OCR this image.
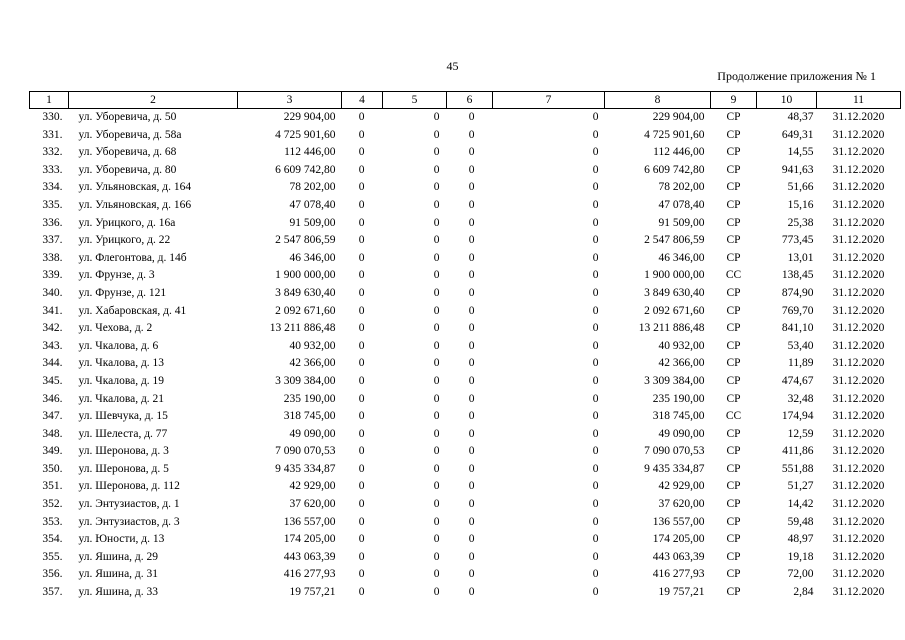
45
Продолжение приложения № 1
1	2	3	4	5	6	7	8	9	10	11
330.	ул. Уборевича, д. 50	229 904,00	0	0	0	0	229 904,00	СР	48,37	31.12.2020
331.	ул. Уборевича, д. 58а	4 725 901,60	0	0	0	0	4 725 901,60	СР	649,31	31.12.2020
332.	ул. Уборевича, д. 68	112 446,00	0	0	0	0	112 446,00	СР	14,55	31.12.2020
333.	ул. Уборевича, д. 80	6 609 742,80	0	0	0	0	6 609 742,80	СР	941,63	31.12.2020
334.	ул. Ульяновская, д. 164	78 202,00	0	0	0	0	78 202,00	СР	51,66	31.12.2020
335.	ул. Ульяновская, д. 166	47 078,40	0	0	0	0	47 078,40	СР	15,16	31.12.2020
336.	ул. Урицкого, д. 16а	91 509,00	0	0	0	0	91 509,00	СР	25,38	31.12.2020
337.	ул. Урицкого, д. 22	2 547 806,59	0	0	0	0	2 547 806,59	СР	773,45	31.12.2020
338.	ул. Флегонтова, д. 14б	46 346,00	0	0	0	0	46 346,00	СР	13,01	31.12.2020
339.	ул. Фрунзе, д. 3	1 900 000,00	0	0	0	0	1 900 000,00	СС	138,45	31.12.2020
340.	ул. Фрунзе, д. 121	3 849 630,40	0	0	0	0	3 849 630,40	СР	874,90	31.12.2020
341.	ул. Хабаровская, д. 41	2 092 671,60	0	0	0	0	2 092 671,60	СР	769,70	31.12.2020
342.	ул. Чехова, д. 2	13 211 886,48	0	0	0	0	13 211 886,48	СР	841,10	31.12.2020
343.	ул. Чкалова, д. 6	40 932,00	0	0	0	0	40 932,00	СР	53,40	31.12.2020
344.	ул. Чкалова, д. 13	42 366,00	0	0	0	0	42 366,00	СР	11,89	31.12.2020
345.	ул. Чкалова, д. 19	3 309 384,00	0	0	0	0	3 309 384,00	СР	474,67	31.12.2020
346.	ул. Чкалова, д. 21	235 190,00	0	0	0	0	235 190,00	СР	32,48	31.12.2020
347.	ул. Шевчука, д. 15	318 745,00	0	0	0	0	318 745,00	СС	174,94	31.12.2020
348.	ул. Шелеста, д. 77	49 090,00	0	0	0	0	49 090,00	СР	12,59	31.12.2020
349.	ул. Шеронова, д. 3	7 090 070,53	0	0	0	0	7 090 070,53	СР	411,86	31.12.2020
350.	ул. Шеронова, д. 5	9 435 334,87	0	0	0	0	9 435 334,87	СР	551,88	31.12.2020
351.	ул. Шеронова, д. 112	42 929,00	0	0	0	0	42 929,00	СР	51,27	31.12.2020
352.	ул. Энтузиастов, д. 1	37 620,00	0	0	0	0	37 620,00	СР	14,42	31.12.2020
353.	ул. Энтузиастов, д. 3	136 557,00	0	0	0	0	136 557,00	СР	59,48	31.12.2020
354.	ул. Юности, д. 13	174 205,00	0	0	0	0	174 205,00	СР	48,97	31.12.2020
355.	ул. Яшина, д. 29	443 063,39	0	0	0	0	443 063,39	СР	19,18	31.12.2020
356.	ул. Яшина, д. 31	416 277,93	0	0	0	0	416 277,93	СР	72,00	31.12.2020
357.	ул. Яшина, д. 33	19 757,21	0	0	0	0	19 757,21	СР	2,84	31.12.2020
